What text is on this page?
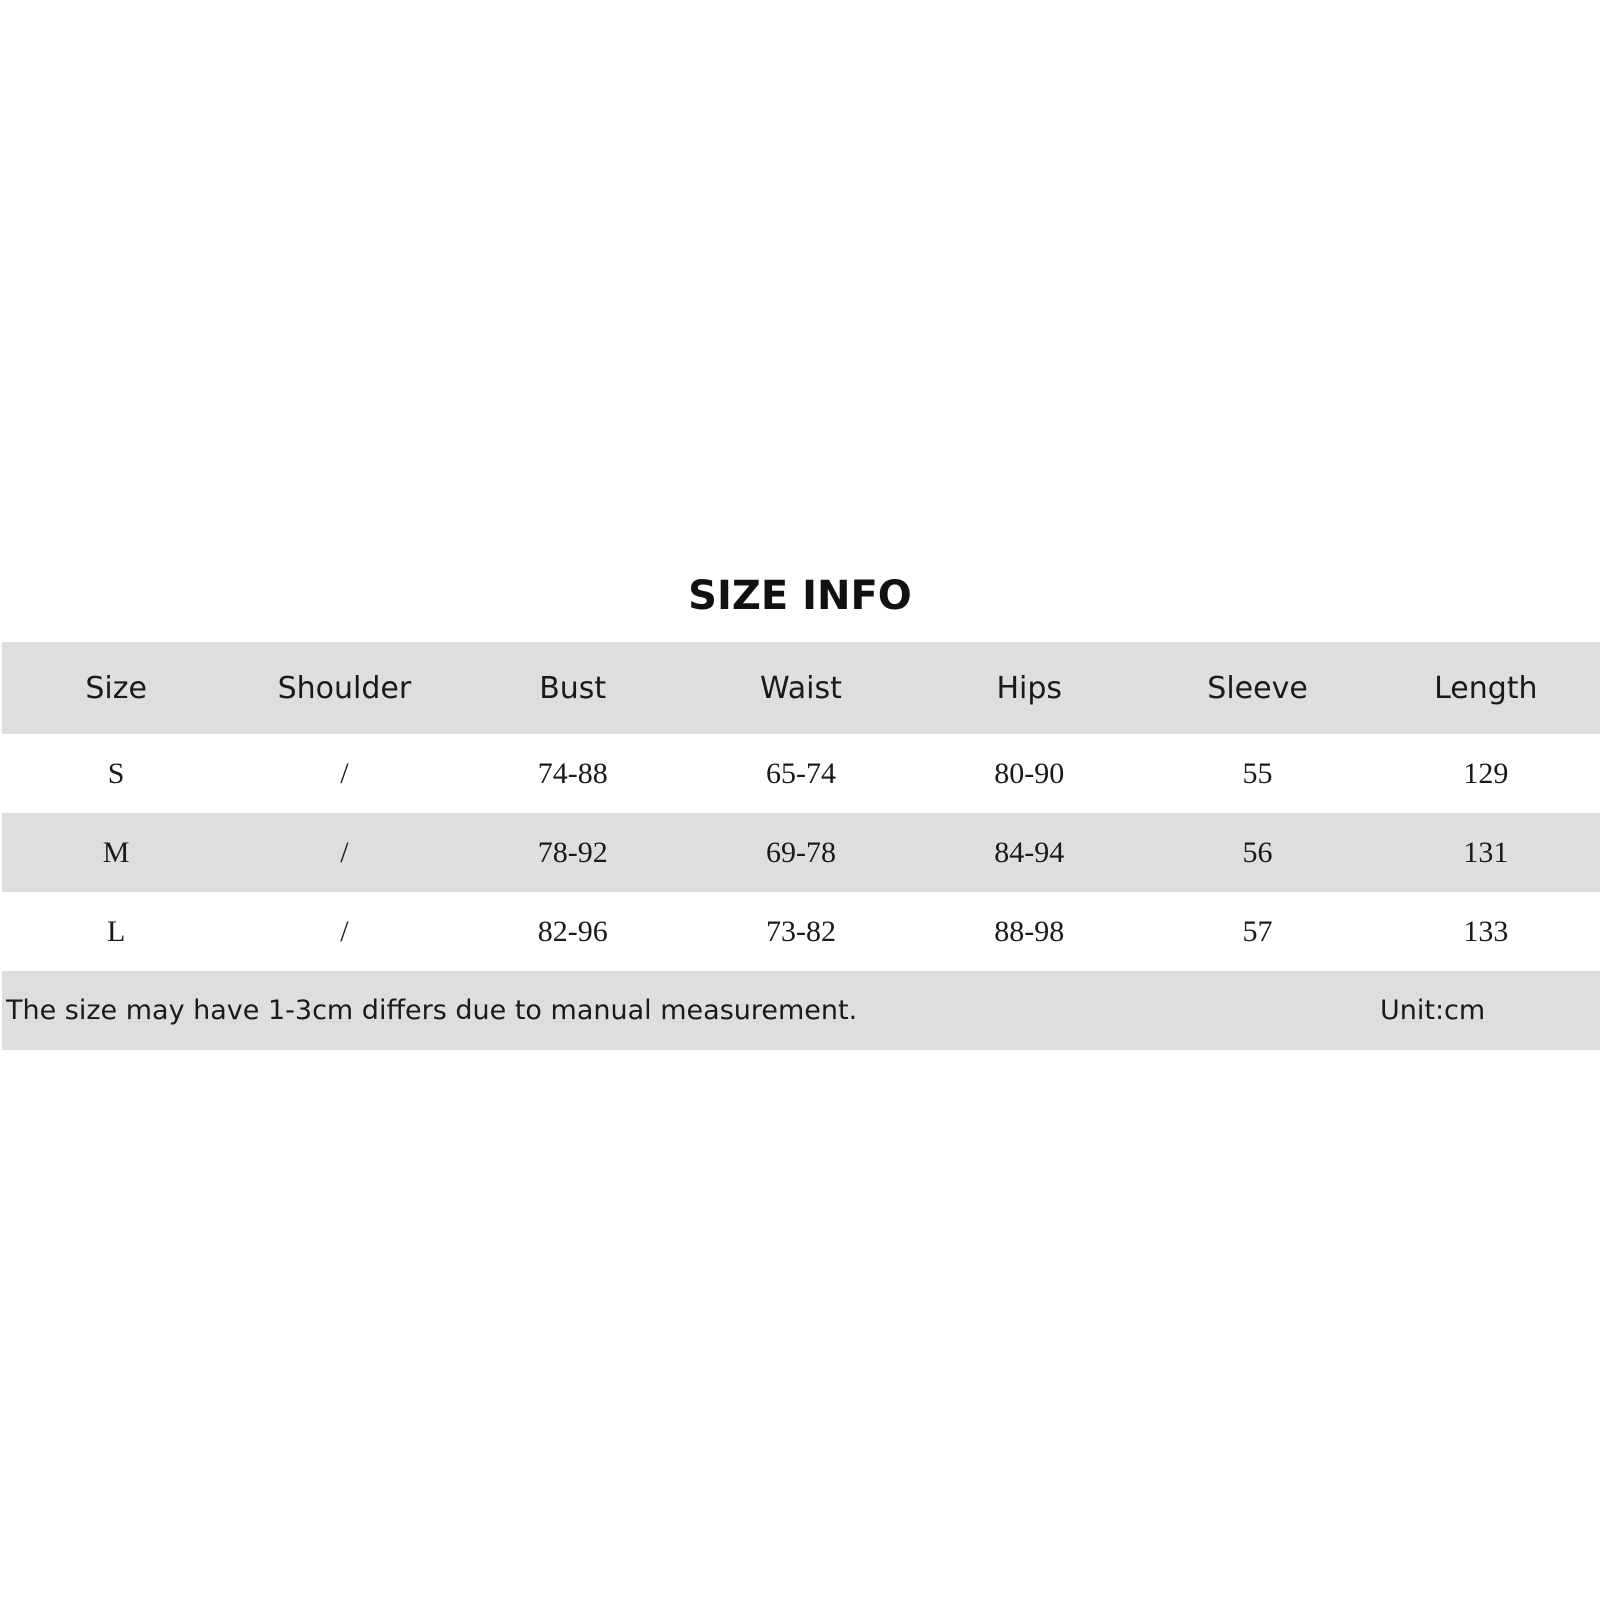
SIZE INFO
Size	Shoulder	Bust	Waist	Hips	Sleeve	Length
S	/	74-88	65-74	80-90	55	129
M	/	78-92	69-78	84-94	56	131
L	/	82-96	73-82	88-98	57	133
The size may have 1-3cm differs due to manual measurement.	Unit:cm
